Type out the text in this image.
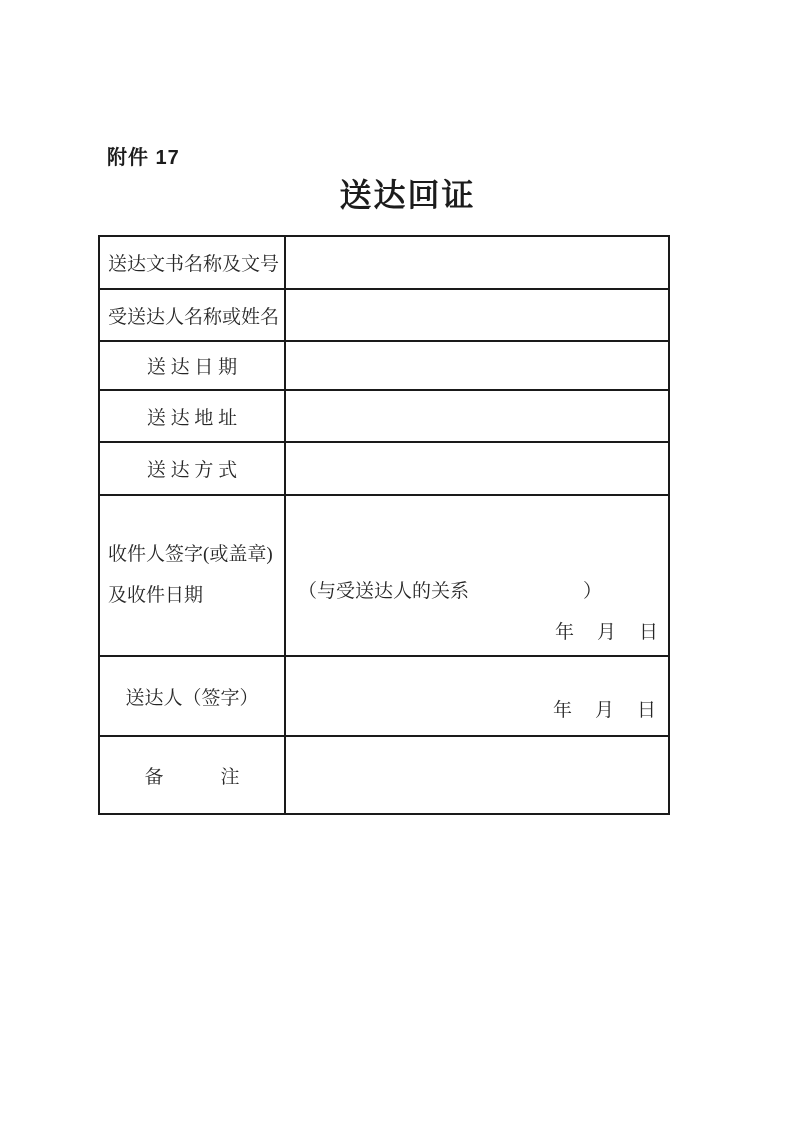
附件 17
送达回证
送达文书名称及文号	
受送达人名称或姓名	
送 达 日 期	
送 达 地 址	
送 达 方 式	

收件人签字(或盖章)
及收件日期	（与受送达人的关系　　　　　　）
年　月　日

送达人（签字）	年　月　日

备　　　注	
